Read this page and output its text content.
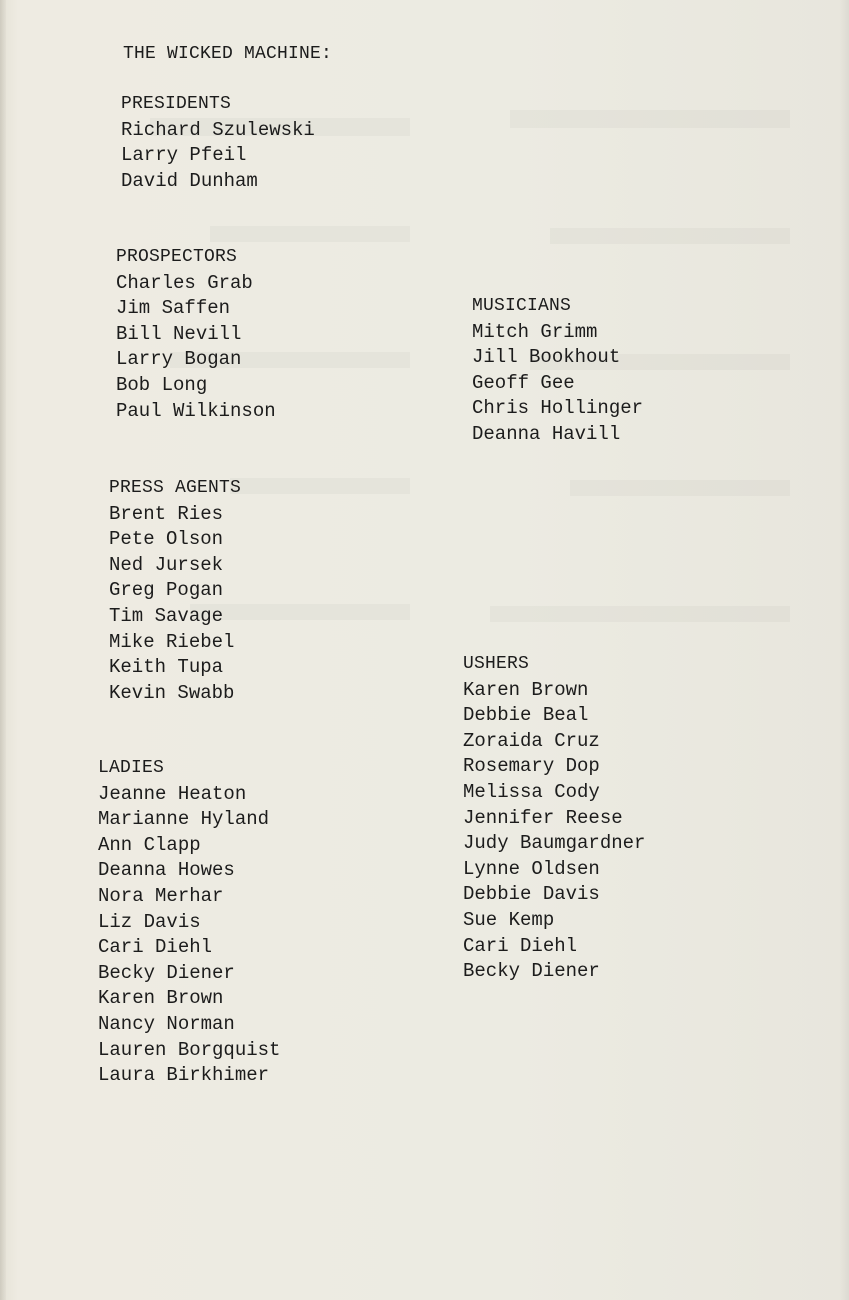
THE WICKED MACHINE:
PRESIDENTS
Richard Szulewski
Larry Pfeil
David Dunham
PROSPECTORS
Charles Grab
Jim Saffen
Bill Nevill
Larry Bogan
Bob Long
Paul Wilkinson
PRESS AGENTS
Brent Ries
Pete Olson
Ned Jursek
Greg Pogan
Tim Savage
Mike Riebel
Keith Tupa
Kevin Swabb
LADIES
Jeanne Heaton
Marianne Hyland
Ann Clapp
Deanna Howes
Nora Merhar
Liz Davis
Cari Diehl
Becky Diener
Karen Brown
Nancy Norman
Lauren Borgquist
Laura Birkhimer
MUSICIANS
Mitch Grimm
Jill Bookhout
Geoff Gee
Chris Hollinger
Deanna Havill
USHERS
Karen Brown
Debbie Beal
Zoraida Cruz
Rosemary Dop
Melissa Cody
Jennifer Reese
Judy Baumgardner
Lynne Oldsen
Debbie Davis
Sue Kemp
Cari Diehl
Becky Diener
